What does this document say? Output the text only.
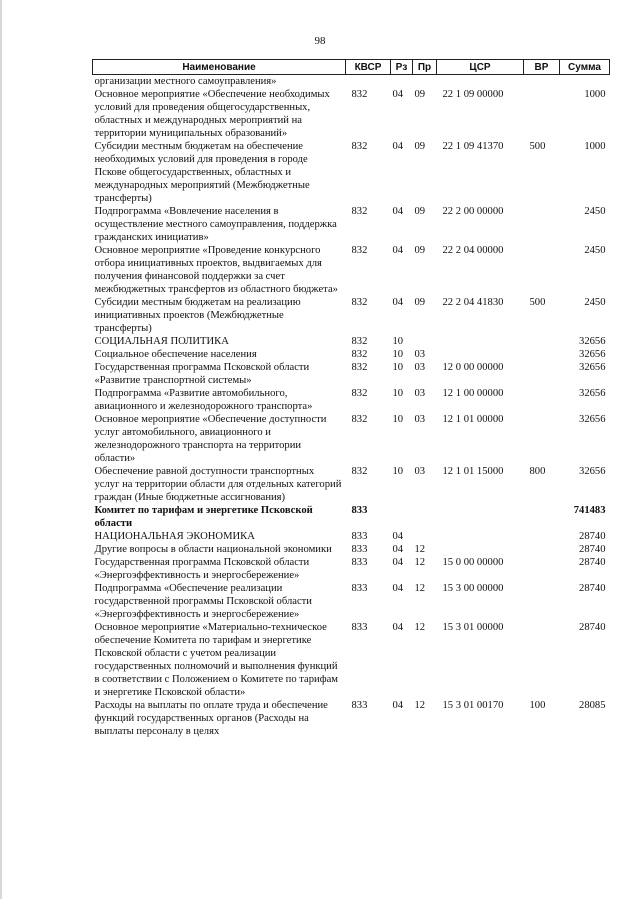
98
Наименование	КВСР	Рз	Пр	ЦСР	ВР	Сумма
организации местного самоуправления»						
Основное мероприятие «Обеспечение необходимых условий для проведения общегосударственных, областных и международных мероприятий на территории муниципальных образований»	832	04	09	22 1 09 00000		1000
Субсидии местным бюджетам на обеспечение необходимых условий для проведения в городе Пскове общегосударственных, областных и международных мероприятий (Межбюджетные трансферты)	832	04	09	22 1 09 41370	500	1000
Подпрограмма «Вовлечение населения в осуществление местного самоуправления, поддержка гражданских инициатив»	832	04	09	22 2 00 00000		2450
Основное мероприятие «Проведение конкурсного отбора инициативных проектов, выдвигаемых для получения финансовой поддержки за счет межбюджетных трансфертов из областного бюджета»	832	04	09	22 2 04 00000		2450
Субсидии местным бюджетам на реализацию инициативных проектов (Межбюджетные трансферты)	832	04	09	22 2 04 41830	500	2450
СОЦИАЛЬНАЯ ПОЛИТИКА	832	10				32656
Социальное обеспечение населения	832	10	03			32656
Государственная программа Псковской области «Развитие транспортной системы»	832	10	03	12 0 00 00000		32656
Подпрограмма «Развитие автомобильного, авиационного и железнодорожного транспорта»	832	10	03	12 1 00 00000		32656
Основное мероприятие «Обеспечение доступности услуг автомобильного, авиационного и железнодорожного транспорта на территории области»	832	10	03	12 1 01 00000		32656
Обеспечение равной доступности транспортных услуг на территории области для отдельных категорий граждан (Иные бюджетные ассигнования)	832	10	03	12 1 01 15000	800	32656
Комитет по тарифам и энергетике Псковской области	833					741483
НАЦИОНАЛЬНАЯ ЭКОНОМИКА	833	04				28740
Другие вопросы в области национальной экономики	833	04	12			28740
Государственная программа Псковской области «Энергоэффективность и энергосбережение»	833	04	12	15 0 00 00000		28740
Подпрограмма «Обеспечение реализации государственной программы Псковской области «Энергоэффективность и энергосбережение»	833	04	12	15 3 00 00000		28740
Основное мероприятие «Материально-техническое обеспечение Комитета по тарифам и энергетике Псковской области с учетом реализации государственных полномочий и выполнения функций в соответствии с Положением о Комитете по тарифам и энергетике Псковской области»	833	04	12	15 3 01 00000		28740
Расходы на выплаты по оплате труда и обеспечение функций государственных органов (Расходы на выплаты персоналу в целях	833	04	12	15 3 01 00170	100	28085
